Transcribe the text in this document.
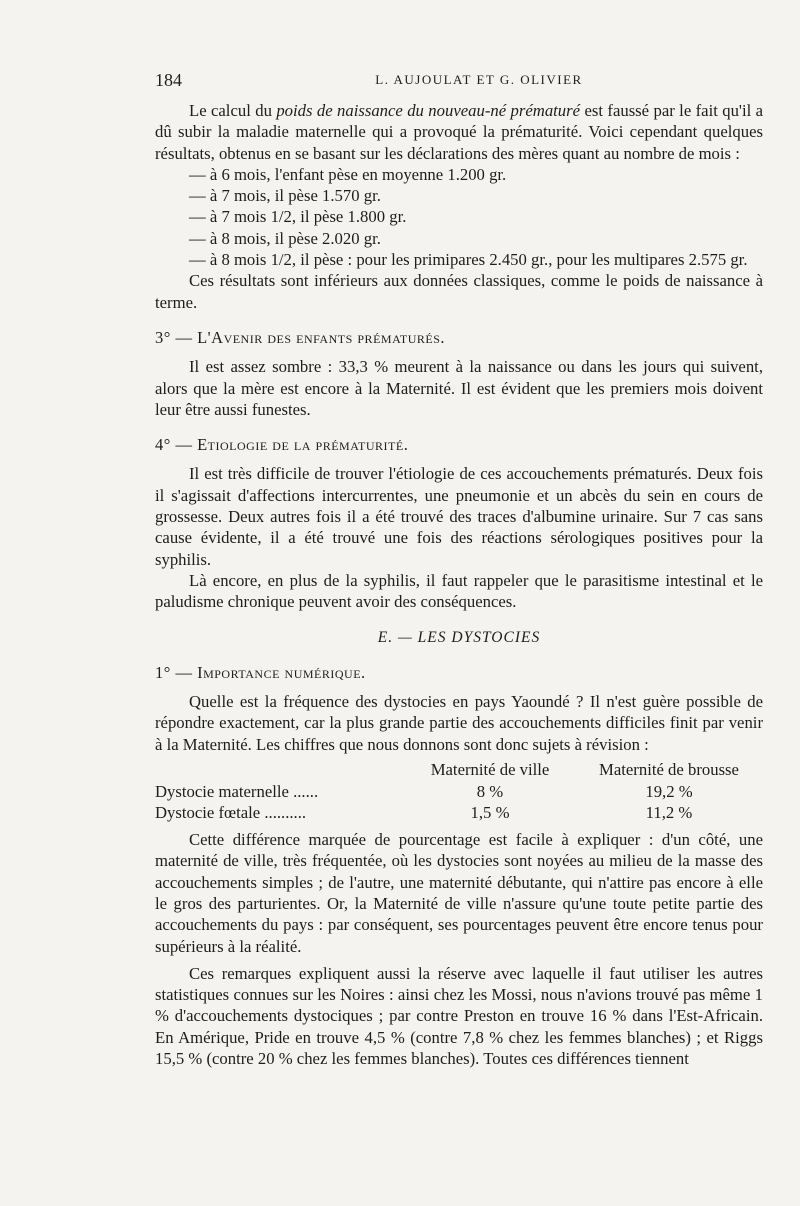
184	L. AUJOULAT ET G. OLIVIER

Le calcul du poids de naissance du nouveau-né prématuré est faussé par le fait qu'il a dû subir la maladie maternelle qui a provoqué la prématurité. Voici cependant quelques résultats, obtenus en se basant sur les déclarations des mères quant au nombre de mois :

— à 6 mois, l'enfant pèse en moyenne 1.200 gr.
— à 7 mois, il pèse 1.570 gr.
— à 7 mois 1/2, il pèse 1.800 gr.
— à 8 mois, il pèse 2.020 gr.
— à 8 mois 1/2, il pèse : pour les primipares 2.450 gr., pour les multipares 2.575 gr.

Ces résultats sont inférieurs aux données classiques, comme le poids de naissance à terme.

3° — L'Avenir des enfants prématurés.

Il est assez sombre : 33,3 % meurent à la naissance ou dans les jours qui suivent, alors que la mère est encore à la Maternité. Il est évident que les premiers mois doivent leur être aussi funestes.

4° — Etiologie de la prématurité.

Il est très difficile de trouver l'étiologie de ces accouchements prématurés. Deux fois il s'agissait d'affections intercurrentes, une pneumonie et un abcès du sein en cours de grossesse. Deux autres fois il a été trouvé des traces d'albumine urinaire. Sur 7 cas sans cause évidente, il a été trouvé une fois des réactions sérologiques positives pour la syphilis.

Là encore, en plus de la syphilis, il faut rappeler que le parasitisme intestinal et le paludisme chronique peuvent avoir des conséquences.

E. — LES DYSTOCIES

1° — Importance numérique.

Quelle est la fréquence des dystocies en pays Yaoundé ? Il n'est guère possible de répondre exactement, car la plus grande partie des accouchements difficiles finit par venir à la Maternité. Les chiffres que nous donnons sont donc sujets à révision :

	Maternité de ville	Maternité de brousse
Dystocie maternelle ......	8 %	19,2 %
Dystocie fœtale ..........	1,5 %	11,2 %

Cette différence marquée de pourcentage est facile à expliquer : d'un côté, une maternité de ville, très fréquentée, où les dystocies sont noyées au milieu de la masse des accouchements simples ; de l'autre, une maternité débutante, qui n'attire pas encore à elle le gros des parturientes. Or, la Maternité de ville n'assure qu'une toute petite partie des accouchements du pays : par conséquent, ses pourcentages peuvent être encore tenus pour supérieurs à la réalité.

Ces remarques expliquent aussi la réserve avec laquelle il faut utiliser les autres statistiques connues sur les Noires : ainsi chez les Mossi, nous n'avions trouvé pas même 1 % d'accouchements dystociques ; par contre Preston en trouve 16 % dans l'Est-Africain. En Amérique, Pride en trouve 4,5 % (contre 7,8 % chez les femmes blanches) ; et Riggs 15,5 % (contre 20 % chez les femmes blanches). Toutes ces différences tiennent
